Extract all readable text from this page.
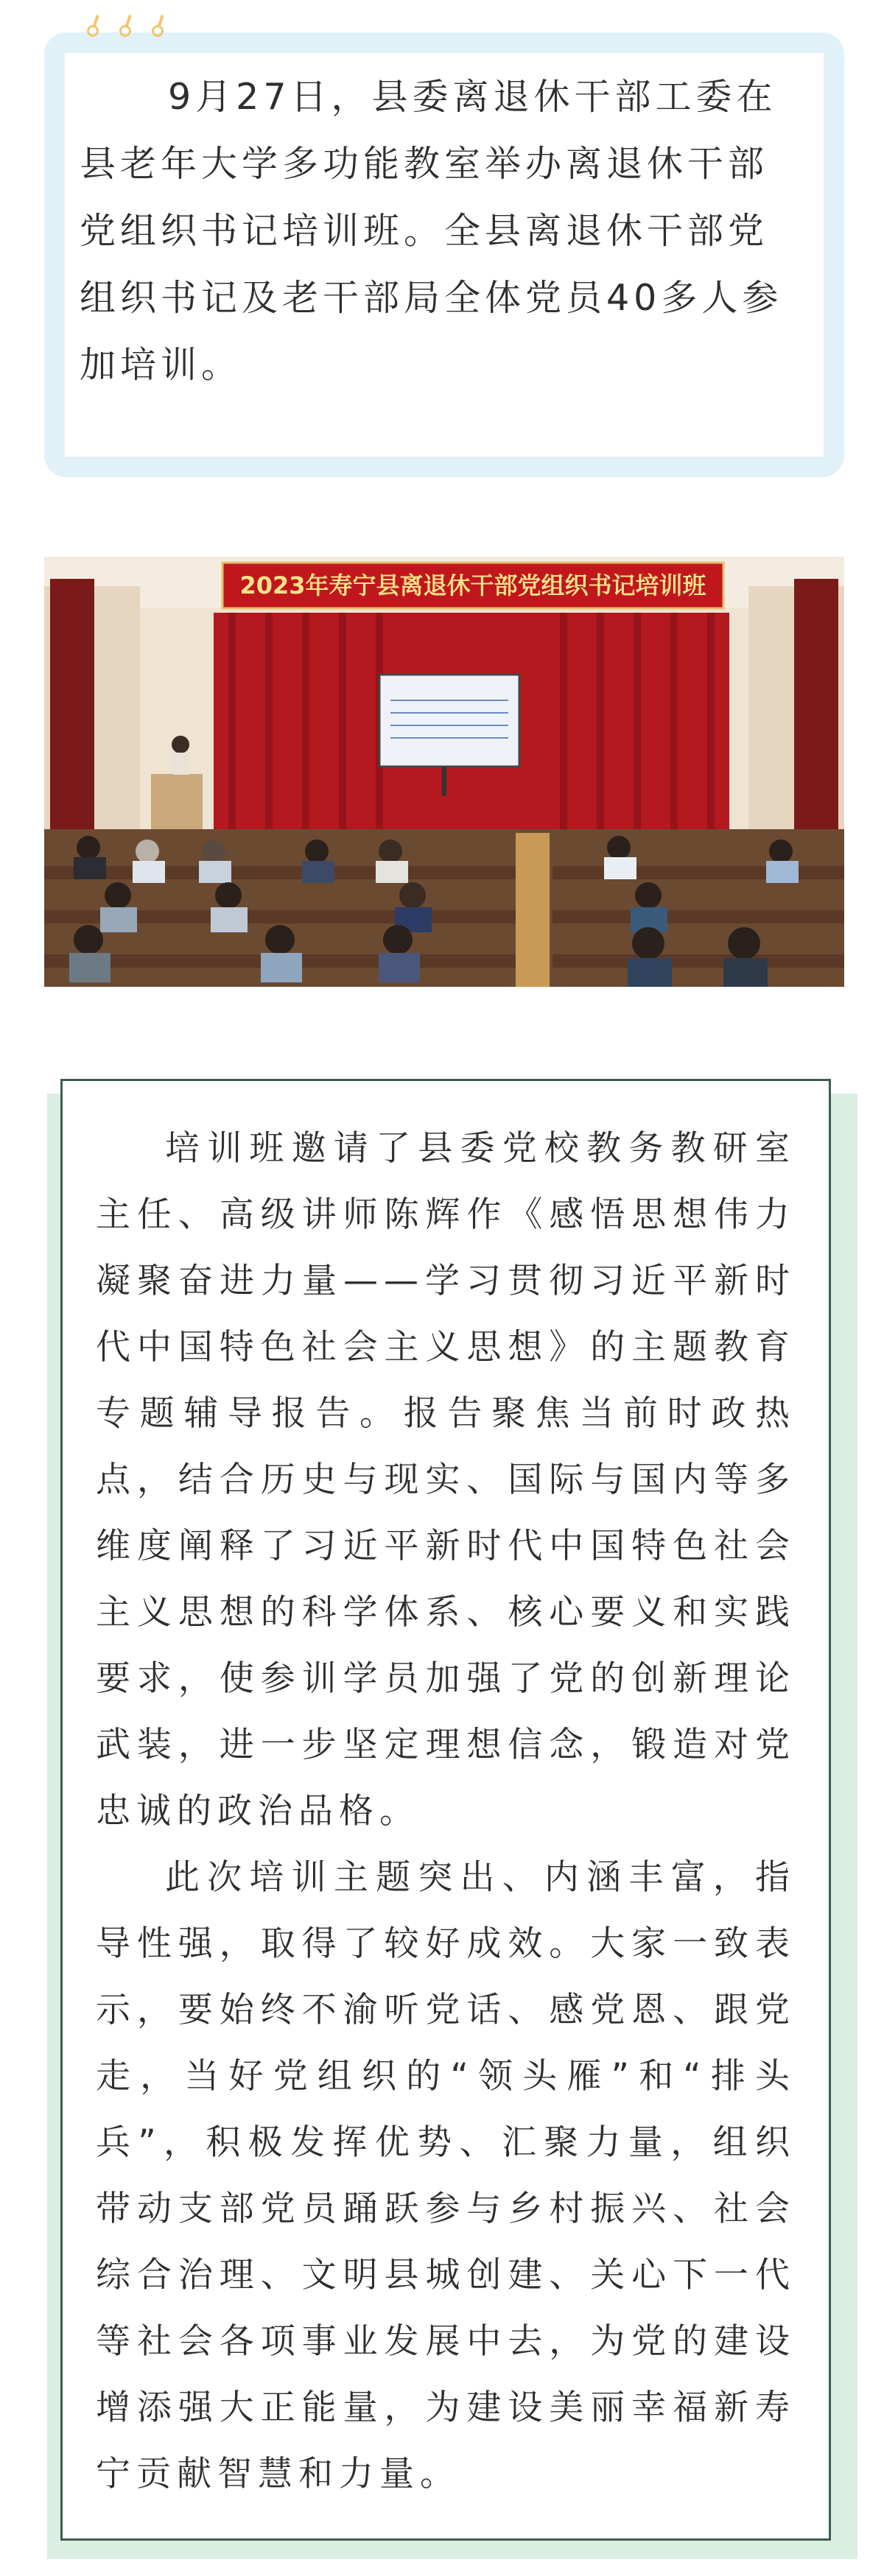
9月27日，县委离退休干部工委在县老年大学多功能教室举办离退休干部党组织书记培训班。全县离退休干部党组织书记及老干部局全体党员40多人参加培训。

2023年寿宁县离退休干部党组织书记培训班

培训班邀请了县委党校教务教研室主任、高级讲师陈辉作《感悟思想伟力 凝聚奋进力量——学习贯彻习近平新时代中国特色社会主义思想》的主题教育专题辅导报告。报告聚焦当前时政热点，结合历史与现实、国际与国内等多维度阐释了习近平新时代中国特色社会主义思想的科学体系、核心要义和实践要求，使参训学员加强了党的创新理论武装，进一步坚定理想信念，锻造对党忠诚的政治品格。

此次培训主题突出、内涵丰富，指导性强，取得了较好成效。大家一致表示，要始终不渝听党话、感党恩、跟党走，当好党组织的“领头雁”和“排头兵”，积极发挥优势、汇聚力量，组织带动支部党员踊跃参与乡村振兴、社会综合治理、文明县城创建、关心下一代等社会各项事业发展中去，为党的建设增添强大正能量，为建设美丽幸福新寿宁贡献智慧和力量。
